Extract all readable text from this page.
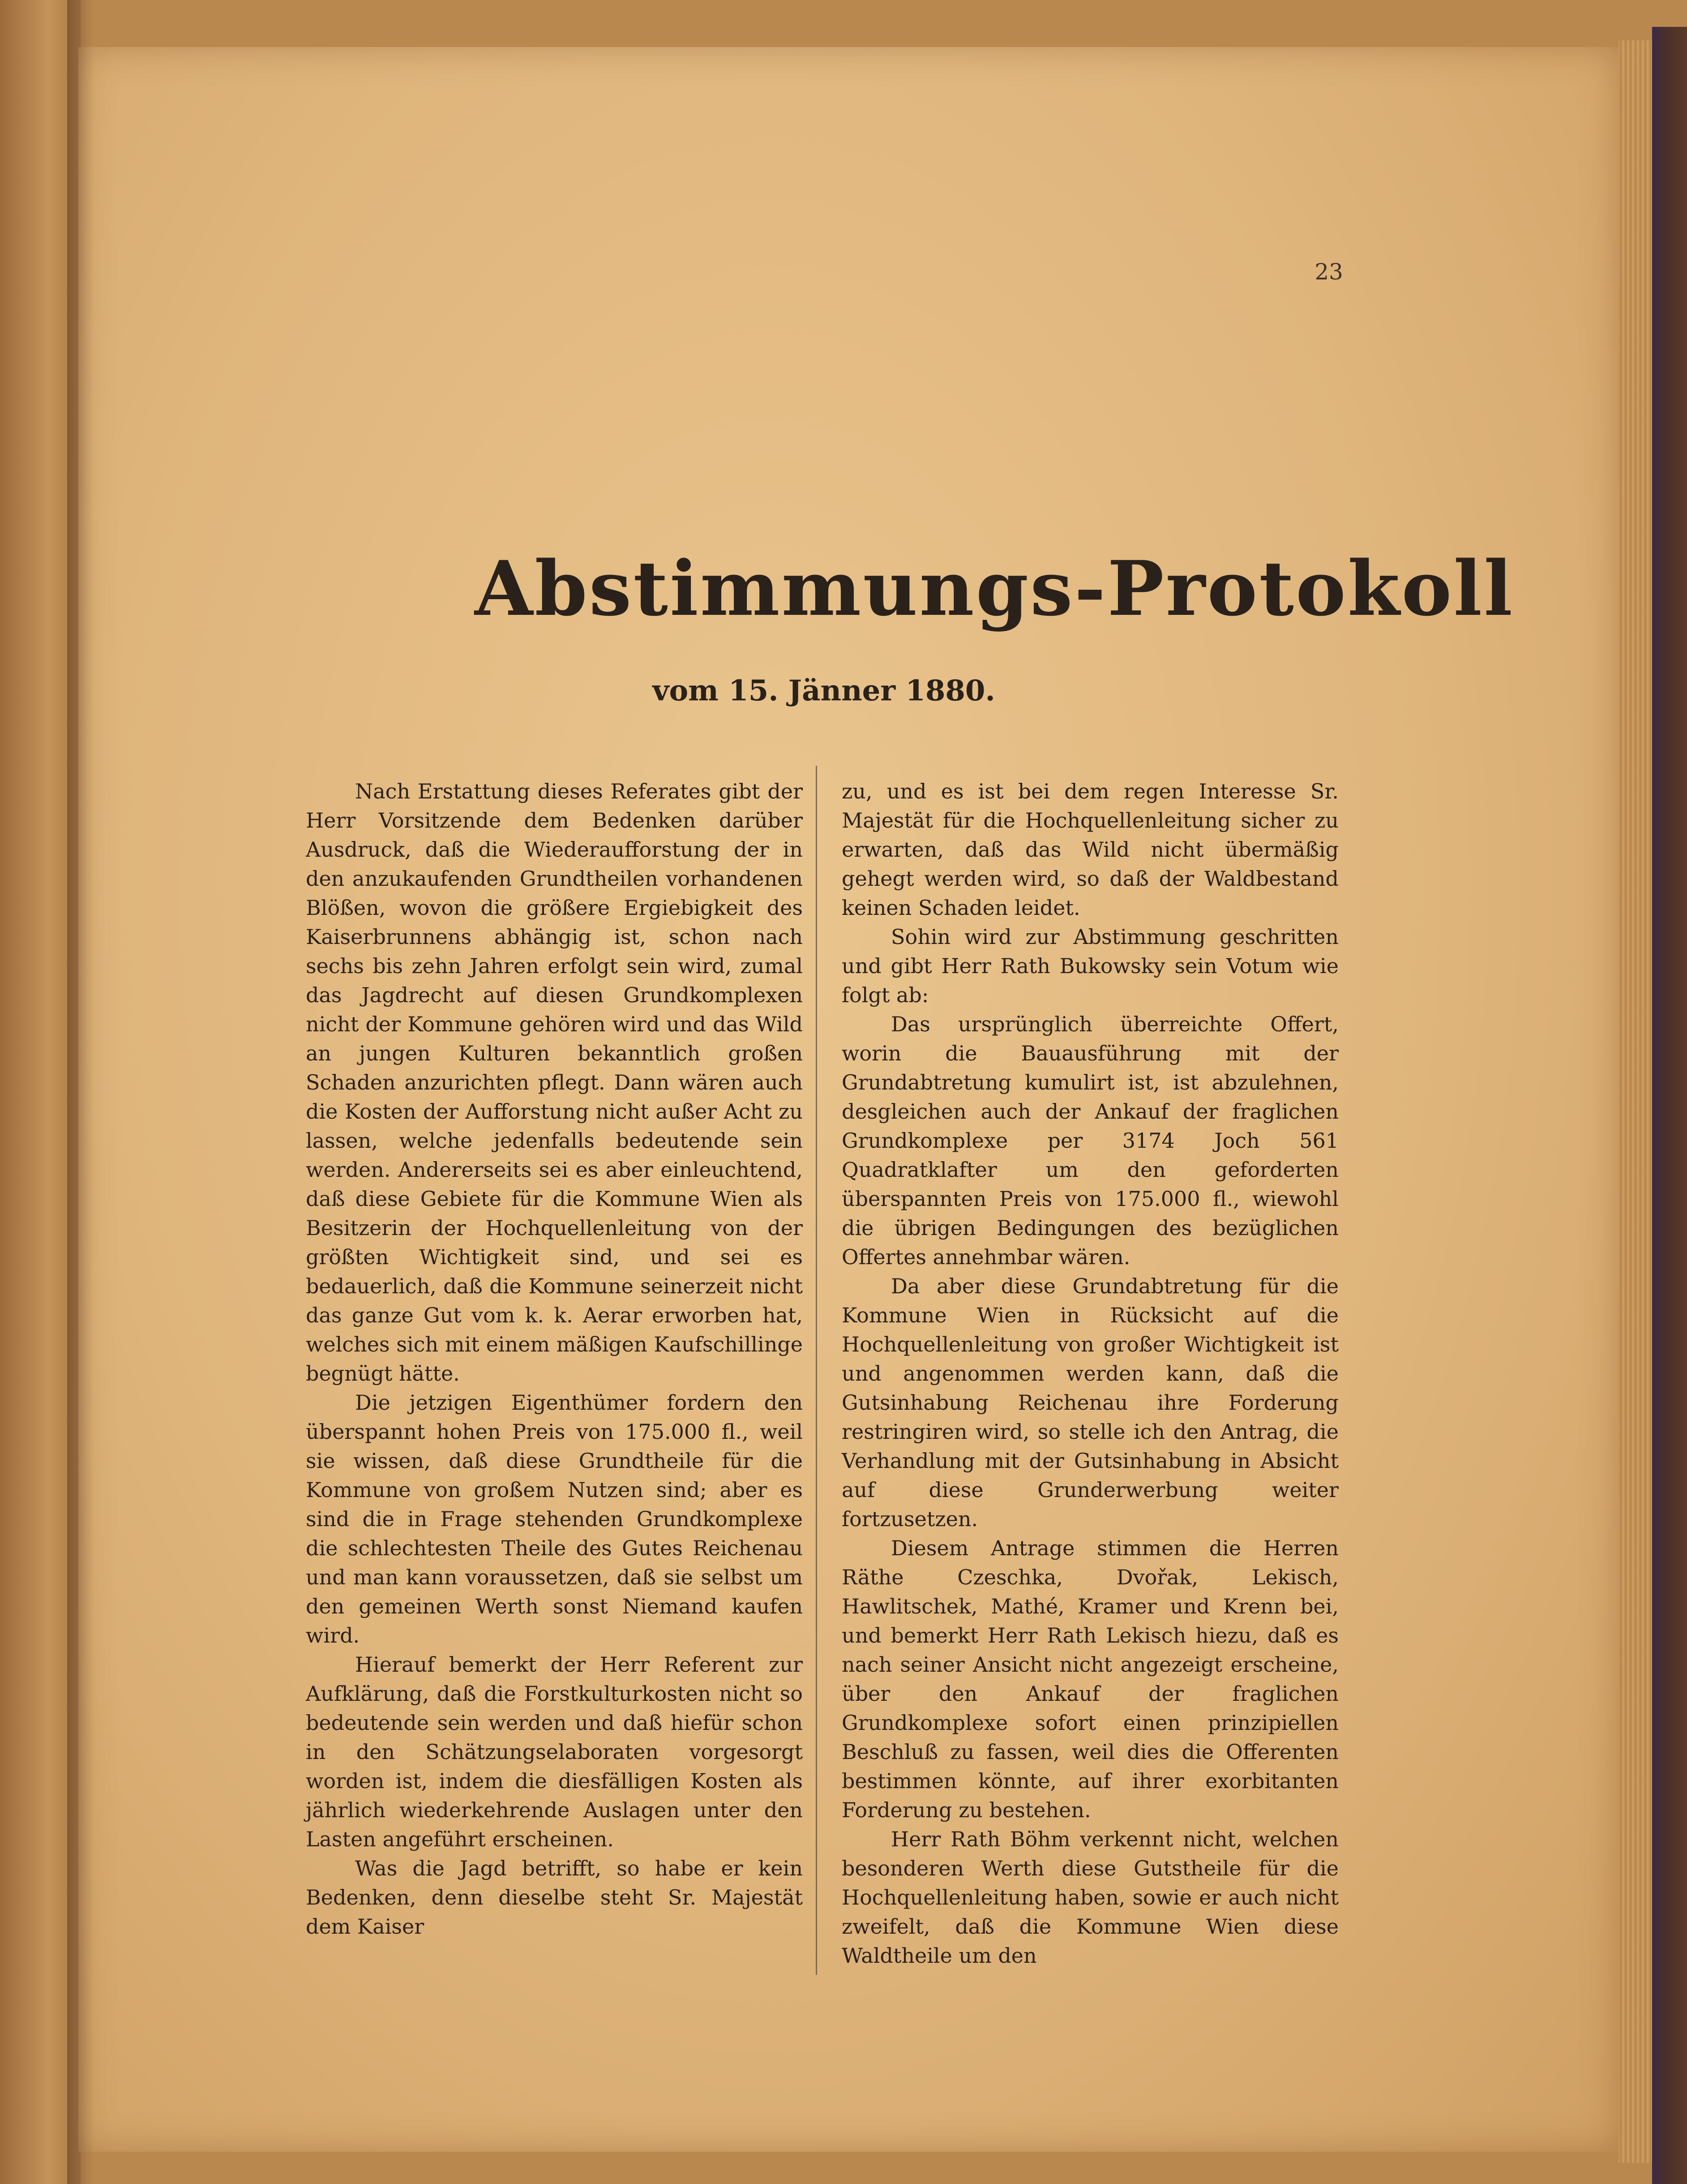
23
Abstimmungs-Protokoll
vom 15. Jänner 1880.

Nach Erstattung dieses Referates gibt der Herr Vorsitzende dem Bedenken darüber Ausdruck, daß die Wiederaufforstung der in den anzukaufenden Grundtheilen vorhandenen Blößen, wovon die größere Ergiebigkeit des Kaiserbrunnens abhängig ist, schon nach sechs bis zehn Jahren erfolgt sein wird, zumal das Jagdrecht auf diesen Grundkomplexen nicht der Kommune gehören wird und das Wild an jungen Kulturen bekanntlich großen Schaden anzurichten pflegt. Dann wären auch die Kosten der Aufforstung nicht außer Acht zu lassen, welche jedenfalls bedeutende sein werden. Andererseits sei es aber einleuchtend, daß diese Gebiete für die Kommune Wien als Besitzerin der Hochquellenleitung von der größten Wichtigkeit sind, und sei es bedauerlich, daß die Kommune seinerzeit nicht das ganze Gut vom k. k. Aerar erworben hat, welches sich mit einem mäßigen Kaufschillinge begnügt hätte.

Die jetzigen Eigenthümer fordern den überspannt hohen Preis von 175.000 fl., weil sie wissen, daß diese Grundtheile für die Kommune von großem Nutzen sind; aber es sind die in Frage stehenden Grundkomplexe die schlechtesten Theile des Gutes Reichenau und man kann voraussetzen, daß sie selbst um den gemeinen Werth sonst Niemand kaufen wird.

Hierauf bemerkt der Herr Referent zur Aufklärung, daß die Forstkulturkosten nicht so bedeutende sein werden und daß hiefür schon in den Schätzungselaboraten vorgesorgt worden ist, indem die diesfälligen Kosten als jährlich wiederkehrende Auslagen unter den Lasten angeführt erscheinen.

Was die Jagd betrifft, so habe er kein Bedenken, denn dieselbe steht Sr. Majestät dem Kaiser

zu, und es ist bei dem regen Interesse Sr. Majestät für die Hochquellenleitung sicher zu erwarten, daß das Wild nicht übermäßig gehegt werden wird, so daß der Waldbestand keinen Schaden leidet.

Sohin wird zur Abstimmung geschritten und gibt Herr Rath Bukowsky sein Votum wie folgt ab:

Das ursprünglich überreichte Offert, worin die Bauausführung mit der Grundabtretung kumulirt ist, ist abzulehnen, desgleichen auch der Ankauf der fraglichen Grundkomplexe per 3174 Joch 561 Quadratklafter um den geforderten überspannten Preis von 175.000 fl., wiewohl die übrigen Bedingungen des bezüglichen Offertes annehmbar wären.

Da aber diese Grundabtretung für die Kommune Wien in Rücksicht auf die Hochquellenleitung von großer Wichtigkeit ist und angenommen werden kann, daß die Gutsinhabung Reichenau ihre Forderung restringiren wird, so stelle ich den Antrag, die Verhandlung mit der Gutsinhabung in Absicht auf diese Grunderwerbung weiter fortzusetzen.

Diesem Antrage stimmen die Herren Räthe Czeschka, Dvořak, Lekisch, Hawlitschek, Mathé, Kramer und Krenn bei, und bemerkt Herr Rath Lekisch hiezu, daß es nach seiner Ansicht nicht angezeigt erscheine, über den Ankauf der fraglichen Grundkomplexe sofort einen prinzipiellen Beschluß zu fassen, weil dies die Offerenten bestimmen könnte, auf ihrer exorbitanten Forderung zu bestehen.

Herr Rath Böhm verkennt nicht, welchen besonderen Werth diese Gutstheile für die Hochquellenleitung haben, sowie er auch nicht zweifelt, daß die Kommune Wien diese Waldtheile um den
